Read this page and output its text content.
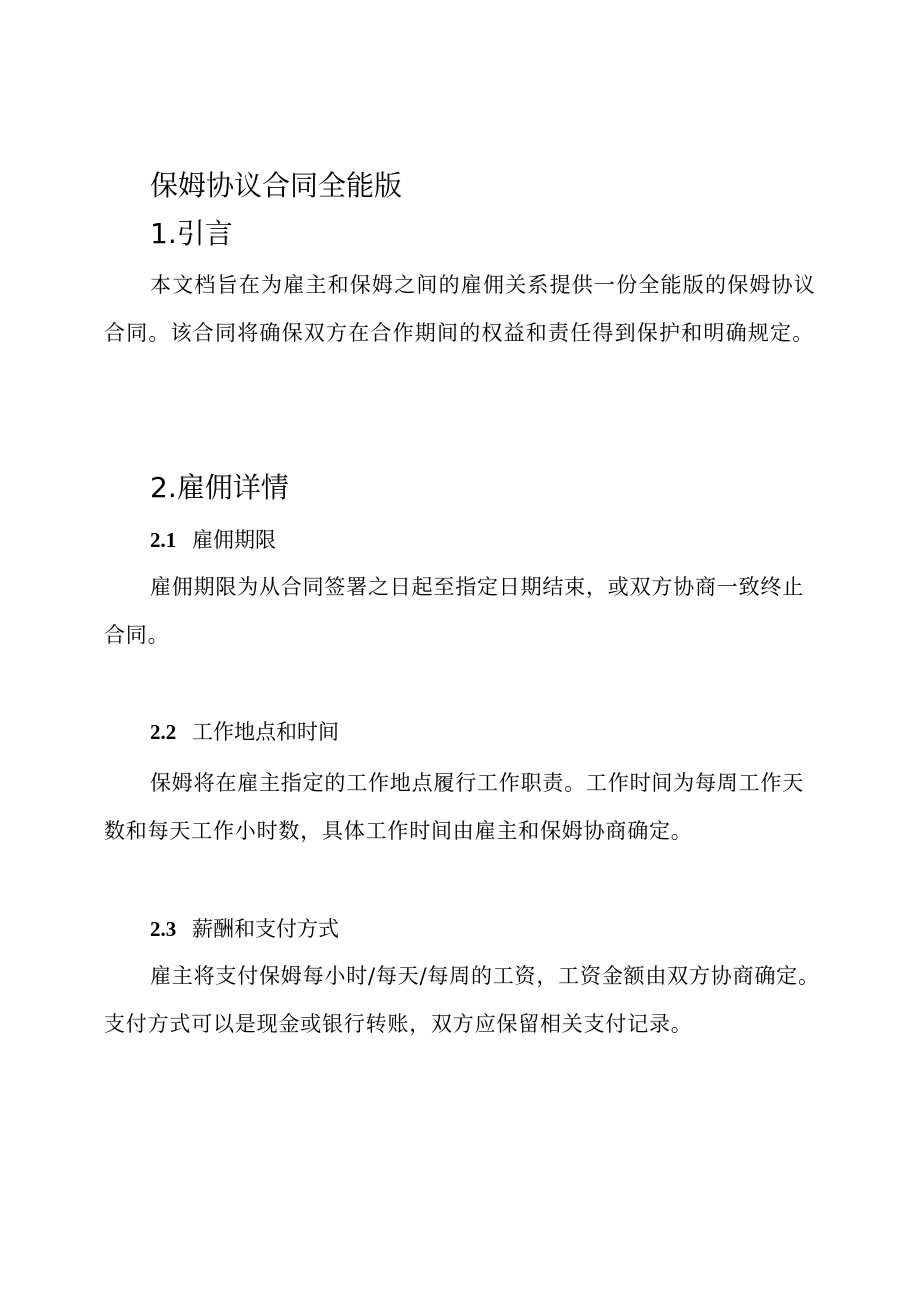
保姆协议合同全能版
1.引言

本文档旨在为雇主和保姆之间的雇佣关系提供一份全能版的保姆协议合同。该合同将确保双方在合作期间的权益和责任得到保护和明确规定。

2.雇佣详情
2.1 雇佣期限

雇佣期限为从合同签署之日起至指定日期结束，或双方协商一致终止合同。

2.2 工作地点和时间

保姆将在雇主指定的工作地点履行工作职责。工作时间为每周工作天数和每天工作小时数，具体工作时间由雇主和保姆协商确定。

2.3 薪酬和支付方式

雇主将支付保姆每小时/每天/每周的工资，工资金额由双方协商确定。支付方式可以是现金或银行转账，双方应保留相关支付记录。
